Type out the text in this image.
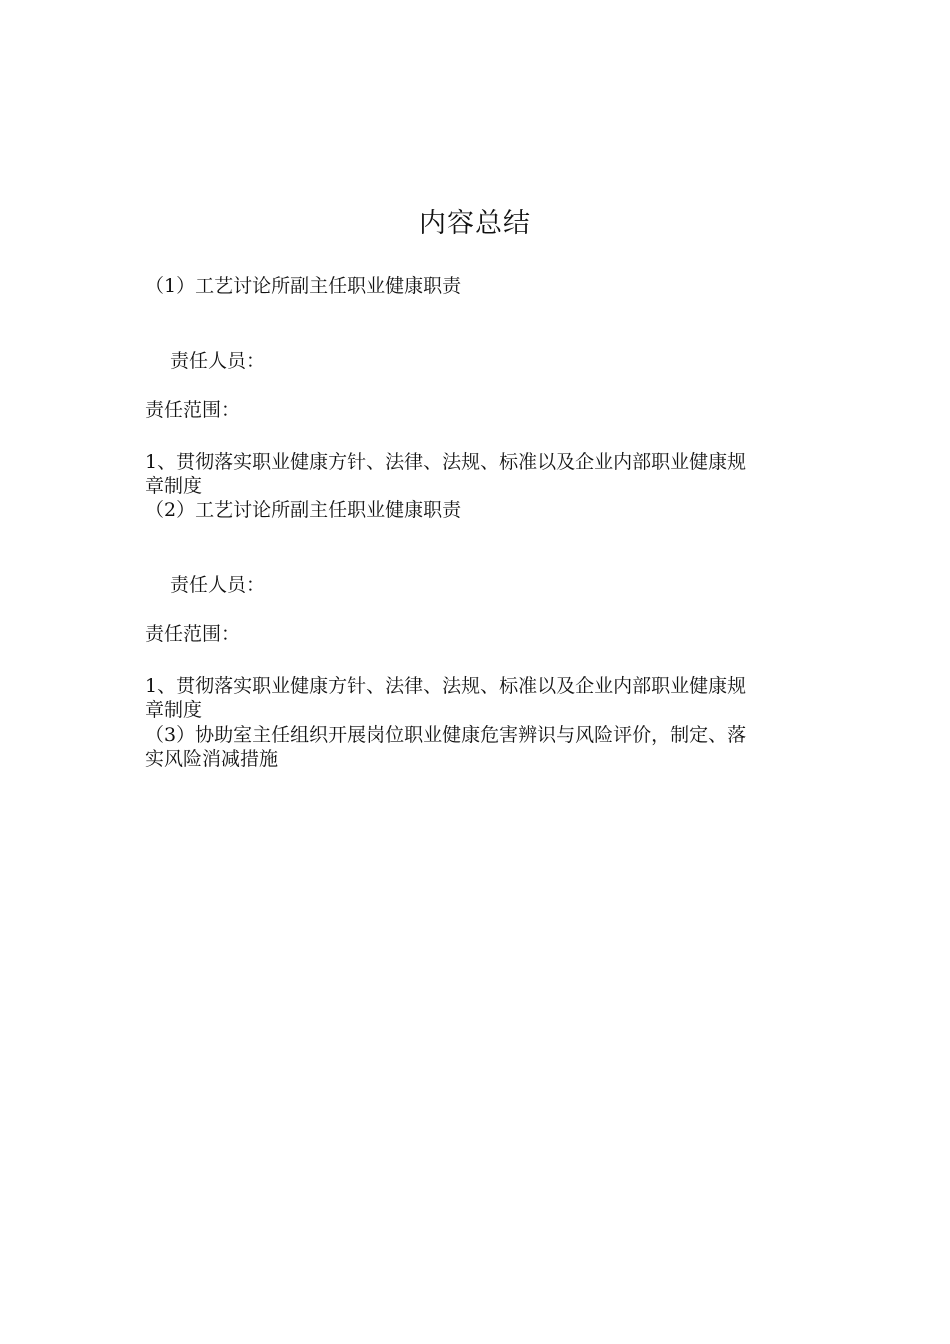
内容总结
（1）工艺讨论所副主任职业健康职责
责任人员：
责任范围：
1、贯彻落实职业健康方针、法律、法规、标准以及企业内部职业健康规
章制度
（2）工艺讨论所副主任职业健康职责
责任人员：
责任范围：
1、贯彻落实职业健康方针、法律、法规、标准以及企业内部职业健康规
章制度
（3）协助室主任组织开展岗位职业健康危害辨识与风险评价，制定、落
实风险消减措施
